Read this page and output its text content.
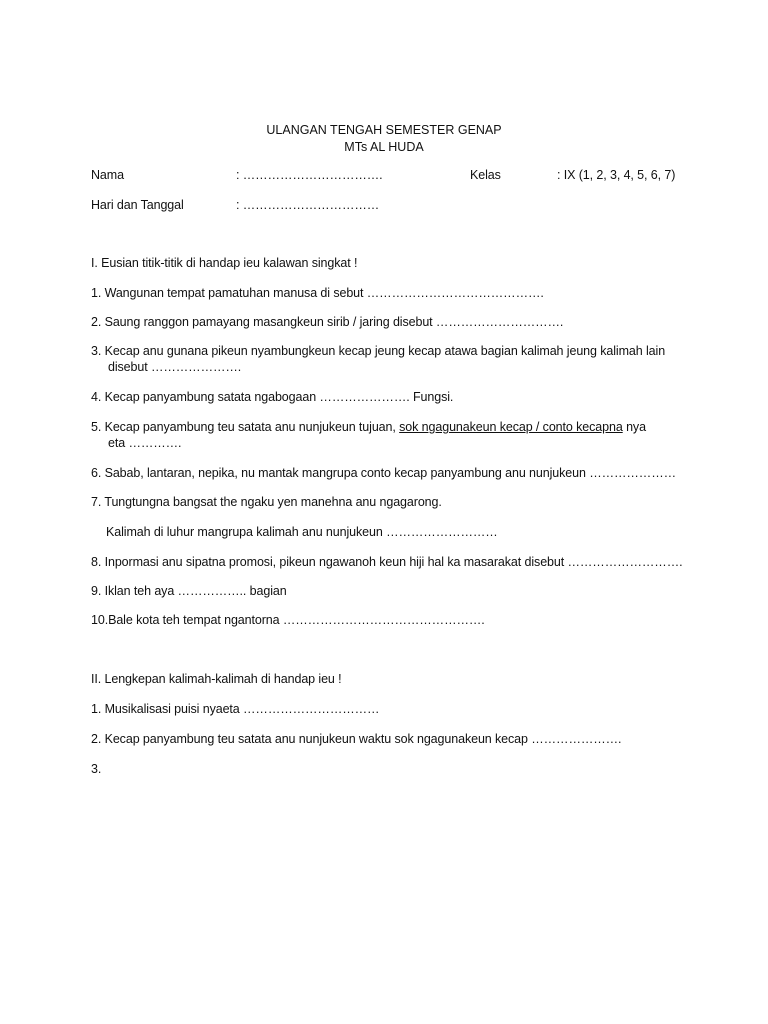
ULANGAN TENGAH SEMESTER GENAP
MTs AL HUDA
Nama	: …………………………….	Kelas	: IX (1, 2, 3, 4, 5, 6, 7)
Hari dan Tanggal	: ……………………………
I. Eusian titik-titik di handap ieu kalawan singkat !
1. Wangunan tempat pamatuhan manusa di sebut …………………………………….
2. Saung ranggon pamayang masangkeun sirib / jaring disebut ………………………….
3. Kecap anu gunana pikeun nyambungkeun kecap jeung kecap atawa bagian kalimah jeung kalimah lain
disebut ………………….
4. Kecap panyambung satata ngabogaan …………………. Fungsi.
5. Kecap panyambung teu satata anu nunjukeun tujuan, sok ngagunakeun kecap / conto kecapna nya
eta ………….
6. Sabab, lantaran, nepika, nu mantak mangrupa conto kecap panyambung anu nunjukeun …………………
7. Tungtungna bangsat the ngaku yen manehna anu ngagarong.
Kalimah di luhur mangrupa kalimah anu nunjukeun ………………………
8. Inpormasi anu sipatna promosi, pikeun ngawanoh keun hiji hal ka masarakat disebut ……………………….
9. Iklan teh aya …………….. bagian
10.Bale kota teh tempat ngantorna ………………………………………….
II. Lengkepan kalimah-kalimah di handap ieu !
1. Musikalisasi puisi nyaeta ……………………………
2. Kecap panyambung teu satata anu nunjukeun waktu sok ngagunakeun kecap ………………….
3.
